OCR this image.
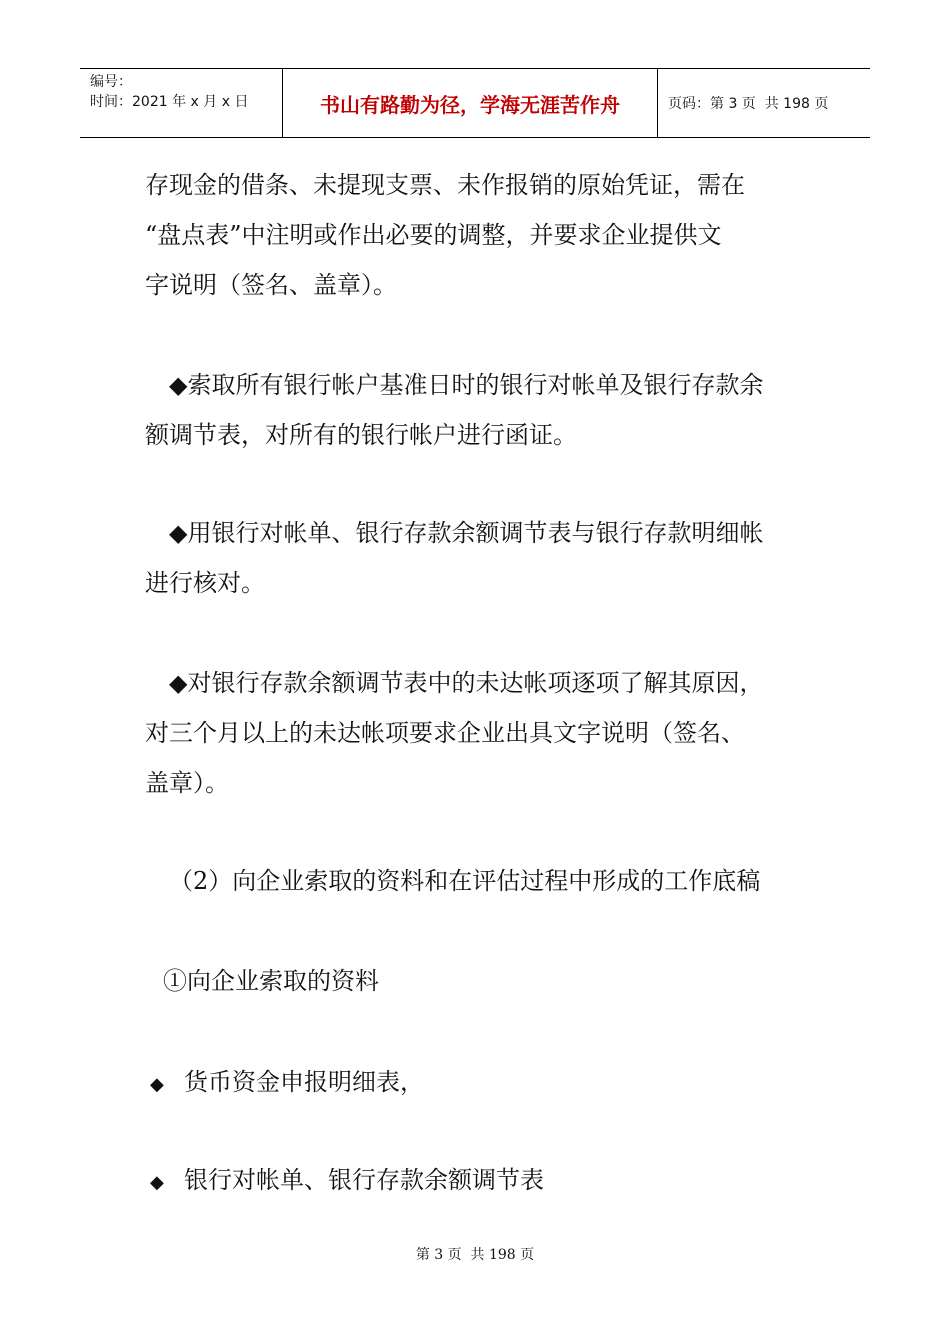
编号：
时间：2021 年 x 月 x 日	书山有路勤为径，学海无涯苦作舟	页码：第 3 页  共 198 页
存现金的借条、未提现支票、未作报销的原始凭证，需在
“盘点表”中注明或作出必要的调整，并要求企业提供文
字说明（签名、盖章）。
◆索取所有银行帐户基准日时的银行对帐单及银行存款余
额调节表，对所有的银行帐户进行函证。
◆用银行对帐单、银行存款余额调节表与银行存款明细帐
进行核对。
◆对银行存款余额调节表中的未达帐项逐项了解其原因，
对三个月以上的未达帐项要求企业出具文字说明（签名、
盖章）。
（2）向企业索取的资料和在评估过程中形成的工作底稿
①向企业索取的资料
◆ 货币资金申报明细表，
◆ 银行对帐单、银行存款余额调节表
第 3 页  共 198 页
